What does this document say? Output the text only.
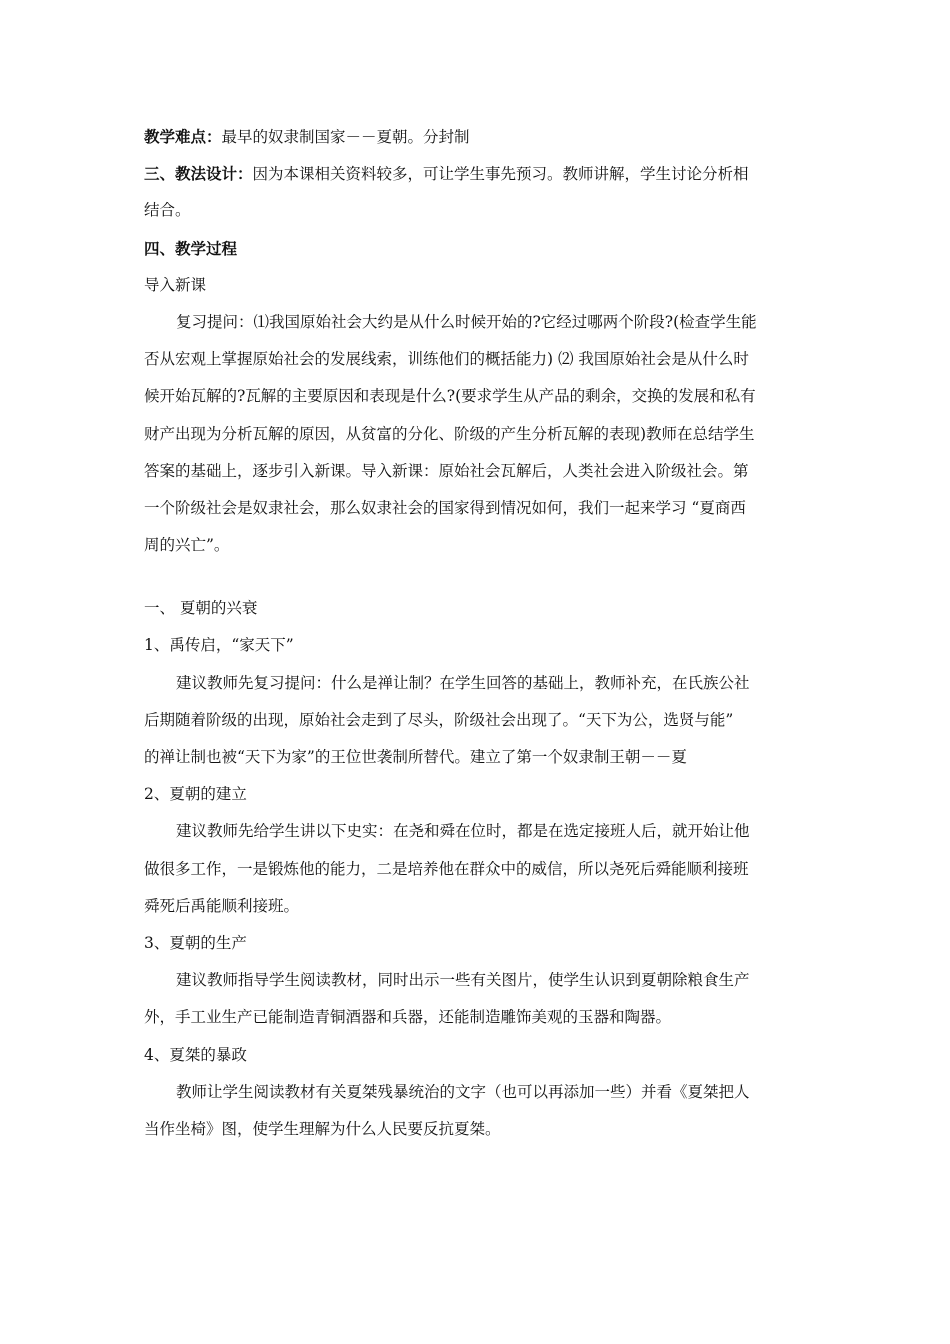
教学难点：最早的奴隶制国家－－夏朝。分封制
三、教法设计：因为本课相关资料较多，可让学生事先预习。教师讲解，学生讨论分析相
结合。
四、教学过程
导入新课
复习提问：⑴我国原始社会大约是从什么时候开始的?它经过哪两个阶段?(检查学生能
否从宏观上掌握原始社会的发展线索，训练他们的概括能力) ⑵ 我国原始社会是从什么时
候开始瓦解的?瓦解的主要原因和表现是什么?(要求学生从产品的剩余，交换的发展和私有
财产出现为分析瓦解的原因，从贫富的分化、阶级的产生分析瓦解的表现)教师在总结学生
答案的基础上，逐步引入新课。导入新课：原始社会瓦解后，人类社会进入阶级社会。第
一个阶级社会是奴隶社会，那么奴隶社会的国家得到情况如何，我们一起来学习 “夏商西
周的兴亡”。
一、 夏朝的兴衰
1、禹传启，“家天下”
建议教师先复习提问：什么是禅让制？在学生回答的基础上，教师补充，在氏族公社
后期随着阶级的出现，原始社会走到了尽头，阶级社会出现了。“天下为公，选贤与能”
的禅让制也被“天下为家”的王位世袭制所替代。建立了第一个奴隶制王朝－－夏
2、夏朝的建立
建议教师先给学生讲以下史实：在尧和舜在位时，都是在选定接班人后，就开始让他
做很多工作，一是锻炼他的能力，二是培养他在群众中的威信，所以尧死后舜能顺利接班
舜死后禹能顺利接班。
3、夏朝的生产
建议教师指导学生阅读教材，同时出示一些有关图片，使学生认识到夏朝除粮食生产
外，手工业生产已能制造青铜酒器和兵器，还能制造雕饰美观的玉器和陶器。
4、夏桀的暴政
教师让学生阅读教材有关夏桀残暴统治的文字（也可以再添加一些）并看《夏桀把人
当作坐椅》图，使学生理解为什么人民要反抗夏桀。
